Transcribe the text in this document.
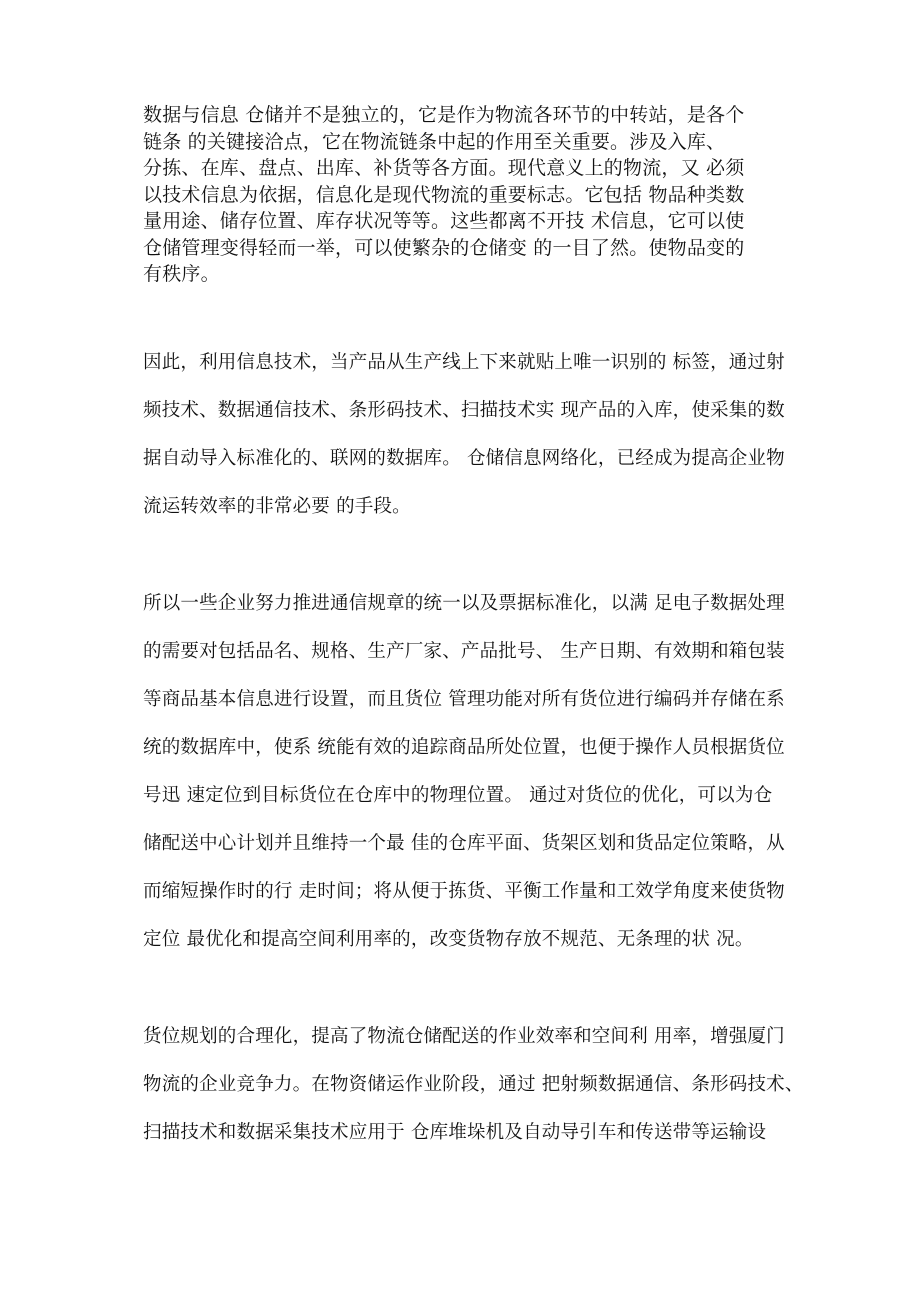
数据与信息 仓储并不是独立的，它是作为物流各环节的中转站，是各个
链条 的关键接洽点，它在物流链条中起的作用至关重要。涉及入库、
分拣、在库、盘点、出库、补货等各方面。现代意义上的物流，又 必须
以技术信息为依据，信息化是现代物流的重要标志。它包括 物品种类数
量用途、储存位置、库存状况等等。这些都离不开技 术信息，它可以使
仓储管理变得轻而一举，可以使繁杂的仓储变 的一目了然。使物品变的
有秩序。
因此，利用信息技术，当产品从生产线上下来就贴上唯一识别的 标签，通过射
频技术、数据通信技术、条形码技术、扫描技术实 现产品的入库，使采集的数
据自动导入标准化的、联网的数据库。 仓储信息网络化，已经成为提高企业物
流运转效率的非常必要 的手段。
所以一些企业努力推进通信规章的统一以及票据标准化，以满 足电子数据处理
的需要对包括品名、规格、生产厂家、产品批号、 生产日期、有效期和箱包装
等商品基本信息进行设置，而且货位 管理功能对所有货位进行编码并存储在系
统的数据库中，使系 统能有效的追踪商品所处位置，也便于操作人员根据货位
号迅 速定位到目标货位在仓库中的物理位置。 通过对货位的优化，可以为仓
储配送中心计划并且维持一个最 佳的仓库平面、货架区划和货品定位策略，从
而缩短操作时的行 走时间；将从便于拣货、平衡工作量和工效学角度来使货物
定位 最优化和提高空间利用率的，改变货物存放不规范、无条理的状 况。
货位规划的合理化，提高了物流仓储配送的作业效率和空间利 用率，增强厦门
物流的企业竞争力。在物资储运作业阶段，通过 把射频数据通信、条形码技术、
扫描技术和数据采集技术应用于 仓库堆垛机及自动导引车和传送带等运输设
